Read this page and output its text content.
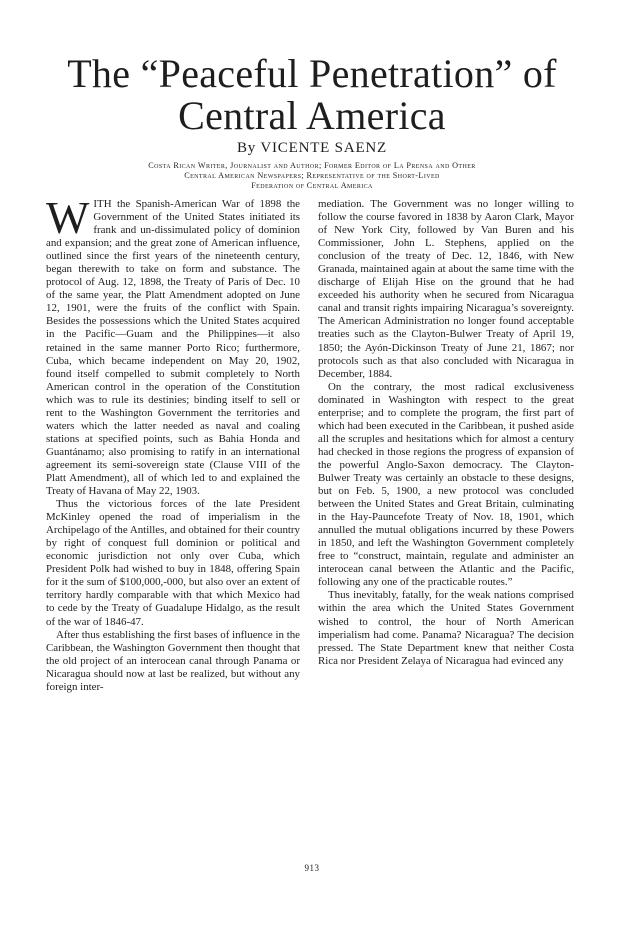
The “Peaceful Penetration” of
Central America
By VICENTE SAENZ
Costa Rican Writer, Journalist and Author; Former Editor of La Prensa and Other
Central American Newspapers; Representative of the Short-Lived
Federation of Central America

W ITH the Spanish-American War of 1898 the Government of the United States initiated its frank and un-dissimulated policy of dominion and expansion; and the great zone of American influence, outlined since the first years of the nineteenth century, began therewith to take on form and substance. The protocol of Aug. 12, 1898, the Treaty of Paris of Dec. 10 of the same year, the Platt Amendment adopted on June 12, 1901, were the fruits of the conflict with Spain. Besides the possessions which the United States acquired in the Pacific—Guam and the Philippines—it also retained in the same manner Porto Rico; furthermore, Cuba, which became independent on May 20, 1902, found itself compelled to submit completely to North American control in the operation of the Constitution which was to rule its destinies; binding itself to sell or rent to the Washington Government the territories and waters which the latter needed as naval and coaling stations at specified points, such as Bahia Honda and Guantánamo; also promising to ratify in an international agreement its semi-sovereign state (Clause VIII of the Platt Amendment), all of which led to and explained the Treaty of Havana of May 22, 1903.

Thus the victorious forces of the late President McKinley opened the road of imperialism in the Archipelago of the Antilles, and obtained for their country by right of conquest full dominion or political and economic jurisdiction not only over Cuba, which President Polk had wished to buy in 1848, offering Spain for it the sum of $100,000,-000, but also over an extent of territory hardly comparable with that which Mexico had to cede by the Treaty of Guadalupe Hidalgo, as the result of the war of 1846-47.

After thus establishing the first bases of influence in the Caribbean, the Washington Government then thought that the old project of an interocean canal through Panama or Nicaragua should now at last be realized, but without any foreign inter-

mediation. The Government was no longer willing to follow the course favored in 1838 by Aaron Clark, Mayor of New York City, followed by Van Buren and his Commissioner, John L. Stephens, applied on the conclusion of the treaty of Dec. 12, 1846, with New Granada, maintained again at about the same time with the discharge of Elijah Hise on the ground that he had exceeded his authority when he secured from Nicaragua canal and transit rights impairing Nicaragua’s sovereignty. The American Administration no longer found acceptable treaties such as the Clayton-Bulwer Treaty of April 19, 1850; the Ayón-Dickinson Treaty of June 21, 1867; nor protocols such as that also concluded with Nicaragua in December, 1884.

On the contrary, the most radical exclusiveness dominated in Washington with respect to the great enterprise; and to complete the program, the first part of which had been executed in the Caribbean, it pushed aside all the scruples and hesitations which for almost a century had checked in those regions the progress of expansion of the powerful Anglo-Saxon democracy. The Clayton-Bulwer Treaty was certainly an obstacle to these designs, but on Feb. 5, 1900, a new protocol was concluded between the United States and Great Britain, culminating in the Hay-Pauncefote Treaty of Nov. 18, 1901, which annulled the mutual obligations incurred by these Powers in 1850, and left the Washington Government completely free to “construct, maintain, regulate and administer an interocean canal between the Atlantic and the Pacific, following any one of the practicable routes.”

Thus inevitably, fatally, for the weak nations comprised within the area which the United States Government wished to control, the hour of North American imperialism had come. Panama? Nicaragua? The decision pressed. The State Department knew that neither Costa Rica nor President Zelaya of Nicaragua had evinced any

913
